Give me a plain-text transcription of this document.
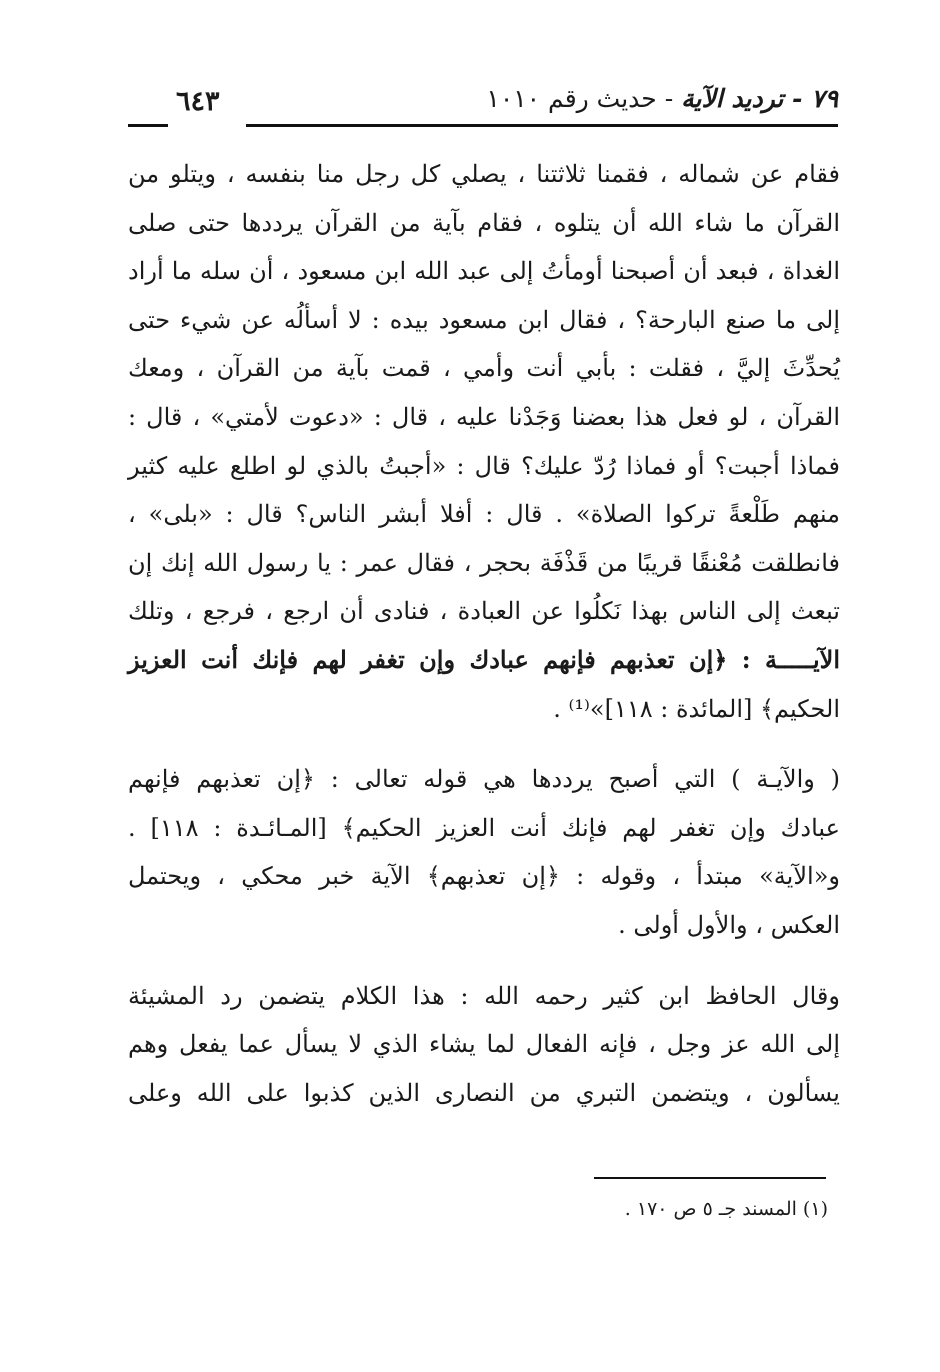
٦٤٣	٧٩ - ترديد الآية - حديث رقم ١٠١٠

فقام عن شماله ، فقمنا ثلاثتنا ، يصلي كل رجل منا بنفسه ، ويتلو من
القرآن ما شاء الله أن يتلوه ، فقام بآية من القرآن يرددها حتى صلى
الغداة ، فبعد أن أصبحنا أومأتُ إلى عبد الله ابن مسعود ، أن سله ما أراد
إلى ما صنع البارحة؟ ، فقال ابن مسعود بيده : لا أسألُه عن شيء حتى
يُحدِّثَ إليَّ ، فقلت : بأبي أنت وأمي ، قمت بآية من القرآن ، ومعك
القرآن ، لو فعل هذا بعضنا وَجَدْنا عليه ، قال : «دعوت لأمتي» ، قال :
فماذا أجبت؟ أو فماذا رُدّ عليك؟ قال : «أجبتُ بالذي لو اطلع عليه كثير
منهم طَلْعةً تركوا الصلاة» . قال : أفلا أبشر الناس؟ قال : «بلى» ،
فانطلقت مُعْنقًا قريبًا من قَذْفَة بحجر ، فقال عمر : يا رسول الله إنك إن
تبعث إلى الناس بهذا نَكلُوا عن العبادة ، فنادى أن ارجع ، فرجع ، وتلك
الآيـــــة : ﴿إن تعذبهم فإنهم عبادك وإن تغفر لهم فإنك أنت العزيز
الحكيم﴾ [المائدة : ١١٨]»⁽¹⁾ .

( والآيـة ) التي أصبح يرددها هي قوله تعالى : ﴿إن تعذبهم فإنهم
عبادك وإن تغفر لهم فإنك أنت العزيز الحكيم﴾ [المـائـدة : ١١٨] .
و«الآية» مبتدأ ، وقوله : ﴿إن تعذبهم﴾ الآية خبر محكي ، ويحتمل
العكس ، والأول أولى .

وقال الحافظ ابن كثير رحمه الله : هذا الكلام يتضمن رد المشيئة
إلى الله عز وجل ، فإنه الفعال لما يشاء الذي لا يسأل عما يفعل وهم
يسألون ، ويتضمن التبري من النصارى الذين كذبوا على الله وعلى

(١) المسند جـ ٥ ص ١٧٠ .
